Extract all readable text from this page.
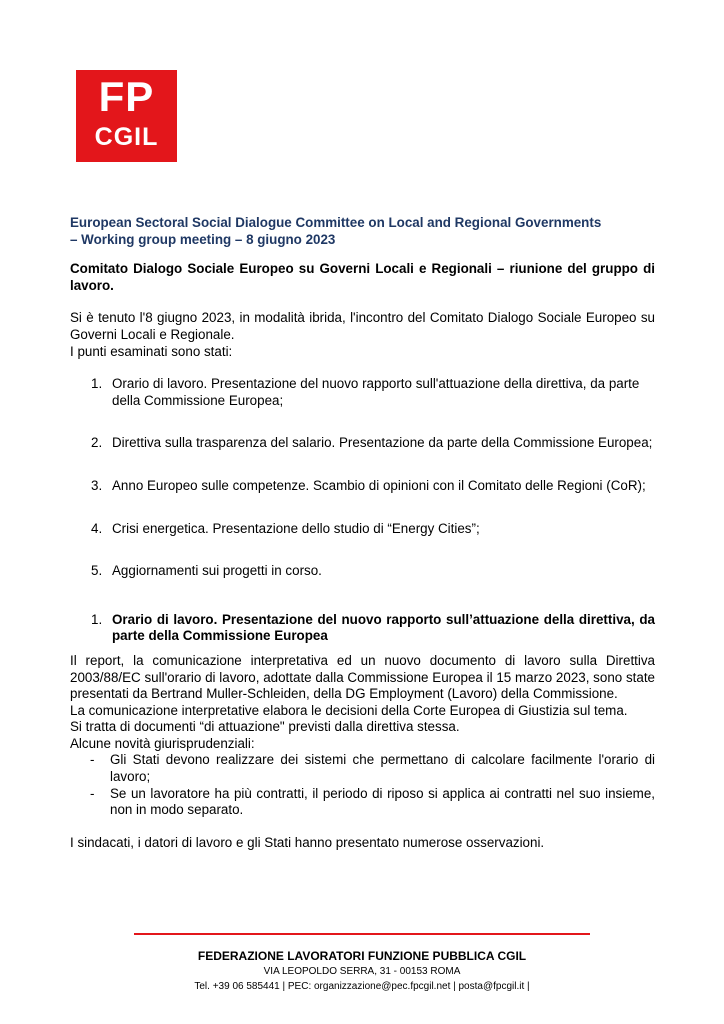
FP
CGIL

European Sectoral Social Dialogue Committee on Local and Regional Governments
– Working group meeting – 8 giugno 2023

Comitato Dialogo Sociale Europeo su Governi Locali e Regionali – riunione del gruppo di lavoro.

Si è tenuto l'8 giugno 2023, in modalità ibrida, l'incontro del Comitato Dialogo Sociale Europeo su Governi Locali e Regionale.

I punti esaminati sono stati:

1. Orario di lavoro. Presentazione del nuovo rapporto sull'attuazione della direttiva, da parte della Commissione Europea;
2. Direttiva sulla trasparenza del salario. Presentazione da parte della Commissione Europea;
3. Anno Europeo sulle competenze. Scambio di opinioni con il Comitato delle Regioni (CoR);
4. Crisi energetica. Presentazione dello studio di “Energy Cities”;
5. Aggiornamenti sui progetti in corso.
1. Orario di lavoro. Presentazione del nuovo rapporto sull’attuazione della direttiva, da parte della Commissione Europea

Il report, la comunicazione interpretativa ed un nuovo documento di lavoro sulla Direttiva 2003/88/EC sull'orario di lavoro, adottate dalla Commissione Europea il 15 marzo 2023, sono state presentati da Bertrand Muller-Schleiden, della DG Employment (Lavoro) della Commissione.

La comunicazione interpretative elabora le decisioni della Corte Europea di Giustizia sul tema.

Si tratta di documenti “di attuazione" previsti dalla direttiva stessa.

Alcune novità giurisprudenziali:

- Gli Stati devono realizzare dei sistemi che permettano di calcolare facilmente l'orario di lavoro;
- Se un lavoratore ha più contratti, il periodo di riposo si applica ai contratti nel suo insieme, non in modo separato.

I sindacati, i datori di lavoro e gli Stati hanno presentato numerose osservazioni.

FEDERAZIONE LAVORATORI FUNZIONE PUBBLICA CGIL
VIA LEOPOLDO SERRA, 31 - 00153 ROMA
Tel. +39 06 585441 | PEC: organizzazione@pec.fpcgil.net | posta@fpcgil.it |
